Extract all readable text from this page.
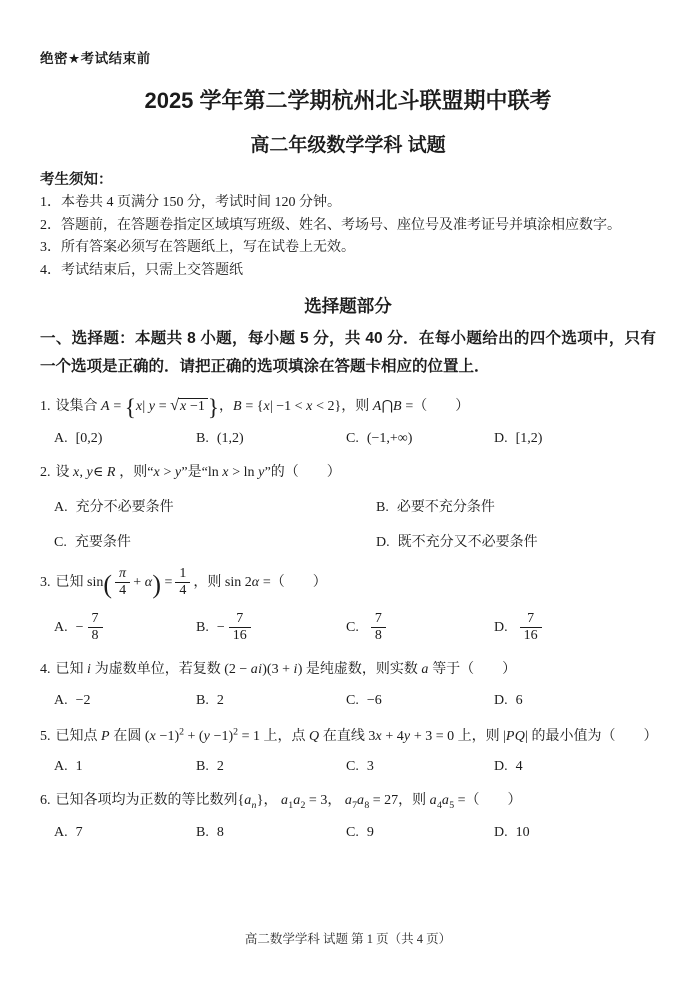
绝密★考试结束前
2025 学年第二学期杭州北斗联盟期中联考
高二年级数学学科 试题
考生须知：
1．本卷共 4 页满分 150 分，考试时间 120 分钟。
2．答题前，在答题卷指定区域填写班级、姓名、考场号、座位号及准考证号并填涂相应数字。
3．所有答案必须写在答题纸上，写在试卷上无效。
4．考试结束后，只需上交答题纸
选择题部分

一、选择题：本题共 8 小题，每小题 5 分，共 40 分．在每小题给出的四个选项中，只有一个选项是正确的．请把正确的选项填涂在答题卡相应的位置上．

1. 设集合 A = {x| y = √x −1 }，B = {x| −1 < x < 2}，则 A⋂B =（　　）
A. [0,2)	B. (1,2)	C. (−1,+∞)	D. [1,2)
2. 设 x, y∈ R ，则“x > y”是“ln x > ln y”的（　　）
A. 充分不必要条件	B. 必要不充分条件
C. 充要条件	D. 既不充分又不必要条件
3. 已知 $\sin( \frac{\pi}{4} + \alpha) = \frac{1}{4}$ ，则 sin 2α =（　　）
A. − $\frac{7}{8}$	B. − $\frac{7}{16}$	C. $\frac{7}{8}$	D. $\frac{7}{16}$
4. 已知 i 为虚数单位，若复数 (2 − ai)(3 + i) 是纯虚数，则实数 a 等于（　　）
A. −2	B. 2	C. −6	D. 6
5. 已知点 P 在圆 $(x -1)^2 + (y -1)^2 = 1$ 上，点 Q 在直线 3x + 4y + 3 = 0 上，则 |PQ| 的最小值为（　　）
A. 1	B. 2	C. 3	D. 4
6. 已知各项均为正数的等比数列$\{a_n\}$， $a_1a_2 = 3$， $a_7a_8 = 27$，则 $a_4a_5$ =（　　）
A. 7	B. 8	C. 9	D. 10
高二数学学科 试题 第 1 页（共 4 页）
